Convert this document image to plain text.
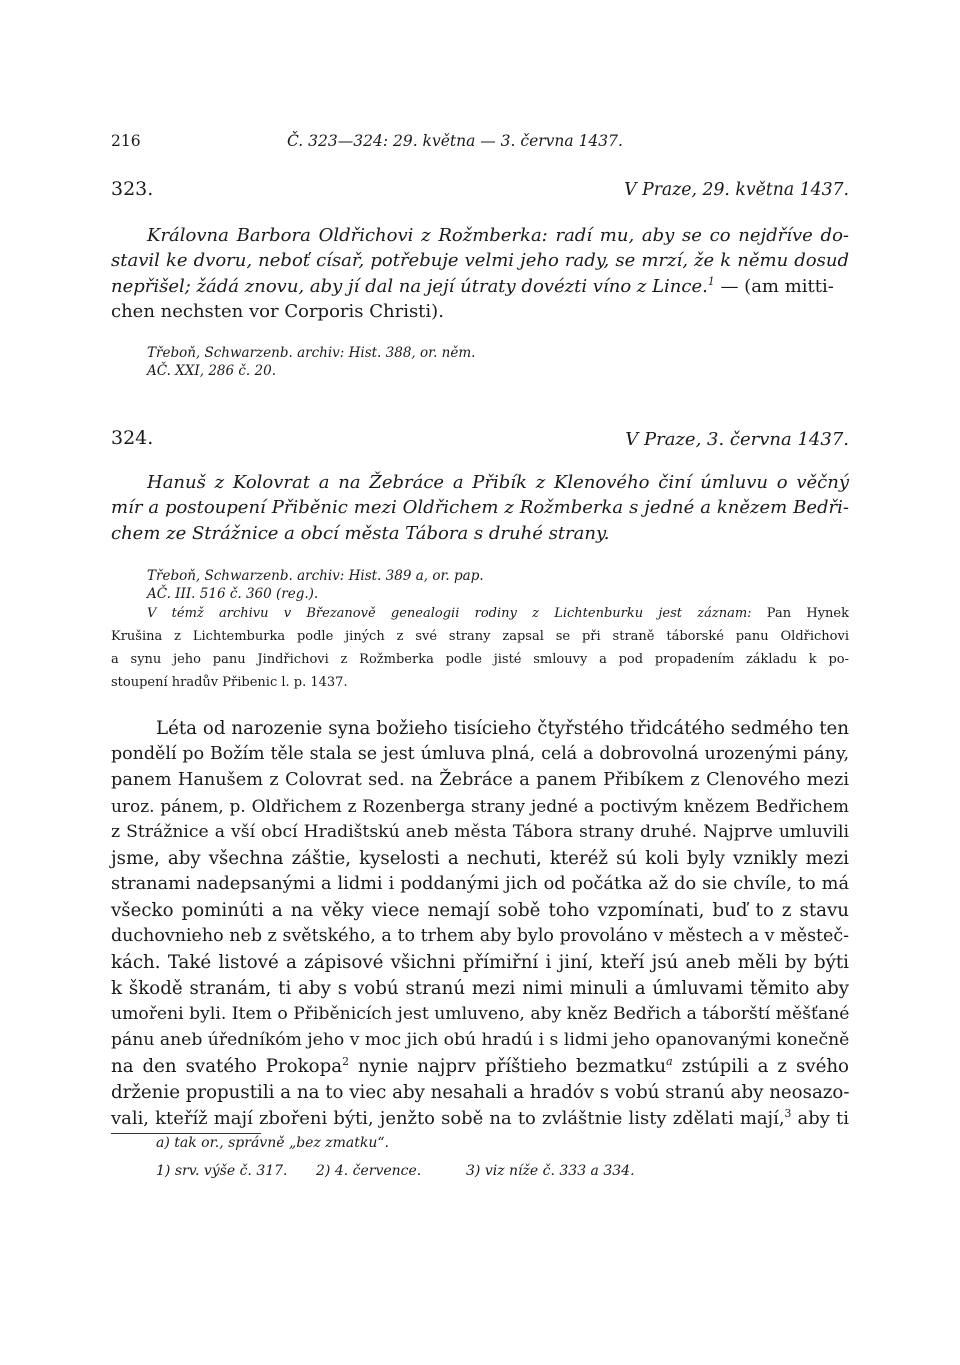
216	Č. 323—324: 29. května — 3. června 1437.
323.	V Praze, 29. května 1437.
Královna Barbora Oldřichovi z Rožmberka: radí mu, aby se co nejdříve do-
stavil ke dvoru, neboť císař, potřebuje velmi jeho rady, se mrzí, že k němu dosud
nepřišel; žádá znovu, aby jí dal na její útraty dovézti víno z Lince.$^1$ — (am mitti-
chen nechsten vor Corporis Christi).
Třeboň, Schwarzenb. archiv: Hist. 388, or. něm.
AČ. XXI, 286 č. 20.
324.	V Praze, 3. června 1437.
Hanuš z Kolovrat a na Žebráce a Přibík z Klenového činí úmluvu o věčný
mír a postoupení Přiběnic mezi Oldřichem z Rožmberka s jedné a knězem Bedři-
chem ze Strážnice a obcí města Tábora s druhé strany.
Třeboň, Schwarzenb. archiv: Hist. 389 a, or. pap.
AČ. III. 516 č. 360 (reg.).
V témž archivu v Březanově genealogii rodiny z Lichtenburku jest záznam: Pan Hynek
Krušina z Lichtemburka podle jiných z své strany zapsal se při straně táborské panu Oldřichovi
a synu jeho panu Jindřichovi z Rožmberka podle jisté smlouvy a pod propadením základu k po-
stoupení hradův Přibenic l. p. 1437.
Léta od narozenie syna božieho tisícieho čtyřstého třidcátého sedmého ten
pondělí po Božím těle stala se jest úmluva plná, celá a dobrovolná urozenými pány,
panem Hanušem z Colovrat sed. na Žebráce a panem Přibíkem z Clenového mezi
uroz. pánem, p. Oldřichem z Rozenberga strany jedné a poctivým knězem Bedřichem
z Strážnice a vší obcí Hradištskú aneb města Tábora strany druhé. Najprve umluvili
jsme, aby všechna záštie, kyselosti a nechuti, kteréž sú koli byly vznikly mezi
stranami nadepsanými a lidmi i poddanými jich od počátka až do sie chvíle, to má
všecko pominúti a na věky viece nemají sobě toho vzpomínati, buď to z stavu
duchovnieho neb z světského, a to trhem aby bylo provoláno v městech a v městeč-
kách. Také listové a zápisové všichni přímiřní i jiní, kteří jsú aneb měli by býti
k škodě stranám, ti aby s vobú stranú mezi nimi minuli a úmluvami těmito aby
umořeni byli. Item o Přiběnicích jest umluveno, aby kněz Bedřich a táborští měšťané
pánu aneb úředníkóm jeho v moc jich obú hradú i s lidmi jeho opanovanými konečně
na den svatého Prokopa$^2$ nynie najprv příštieho bezmatku$^a$ zstúpili a z svého
drženie propustili a na to viec aby nesahali a hradóv s vobú stranú aby neosazo-
vali, kteříž mají zbořeni býti, jenžto sobě na to zvláštnie listy zdělati mají,$^3$ aby ti
a) tak or., správně „bez zmatku“.
1) srv. výše č. 317. 2) 4. července.	3) viz níže č. 333 a 334.
